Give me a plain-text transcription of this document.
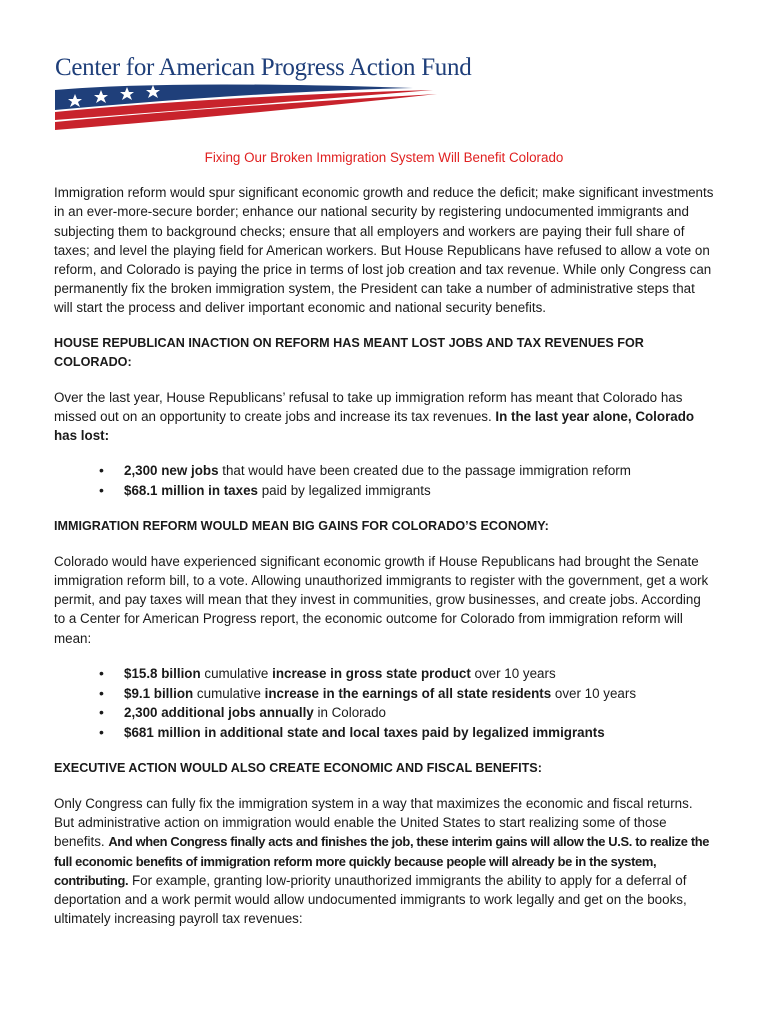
Center for American Progress Action Fund
Fixing Our Broken Immigration System Will Benefit Colorado

Immigration reform would spur significant economic growth and reduce the deficit; make significant investments in an ever-more-secure border; enhance our national security by registering undocumented immigrants and subjecting them to background checks; ensure that all employers and workers are paying their full share of taxes; and level the playing field for American workers. But House Republicans have refused to allow a vote on reform, and Colorado is paying the price in terms of lost job creation and tax revenue. While only Congress can permanently fix the broken immigration system, the President can take a number of administrative steps that will start the process and deliver important economic and national security benefits.

HOUSE REPUBLICAN INACTION ON REFORM HAS MEANT LOST JOBS AND TAX REVENUES FOR COLORADO:

Over the last year, House Republicans’ refusal to take up immigration reform has meant that Colorado has missed out on an opportunity to create jobs and increase its tax revenues. In the last year alone, Colorado has lost:

• 2,300 new jobs that would have been created due to the passage immigration reform
• $68.1 million in taxes paid by legalized immigrants
IMMIGRATION REFORM WOULD MEAN BIG GAINS FOR COLORADO’S ECONOMY:

Colorado would have experienced significant economic growth if House Republicans had brought the Senate immigration reform bill, to a vote. Allowing unauthorized immigrants to register with the government, get a work permit, and pay taxes will mean that they invest in communities, grow businesses, and create jobs. According to a Center for American Progress report, the economic outcome for Colorado from immigration reform will mean:

• $15.8 billion cumulative increase in gross state product over 10 years
• $9.1 billion cumulative increase in the earnings of all state residents over 10 years
• 2,300 additional jobs annually in Colorado
• $681 million in additional state and local taxes paid by legalized immigrants
EXECUTIVE ACTION WOULD ALSO CREATE ECONOMIC AND FISCAL BENEFITS:

Only Congress can fully fix the immigration system in a way that maximizes the economic and fiscal returns. But administrative action on immigration would enable the United States to start realizing some of those benefits. And when Congress finally acts and finishes the job, these interim gains will allow the U.S. to realize the full economic benefits of immigration reform more quickly because people will already be in the system, contributing. For example, granting low-priority unauthorized immigrants the ability to apply for a deferral of deportation and a work permit would allow undocumented immigrants to work legally and get on the books, ultimately increasing payroll tax revenues:
